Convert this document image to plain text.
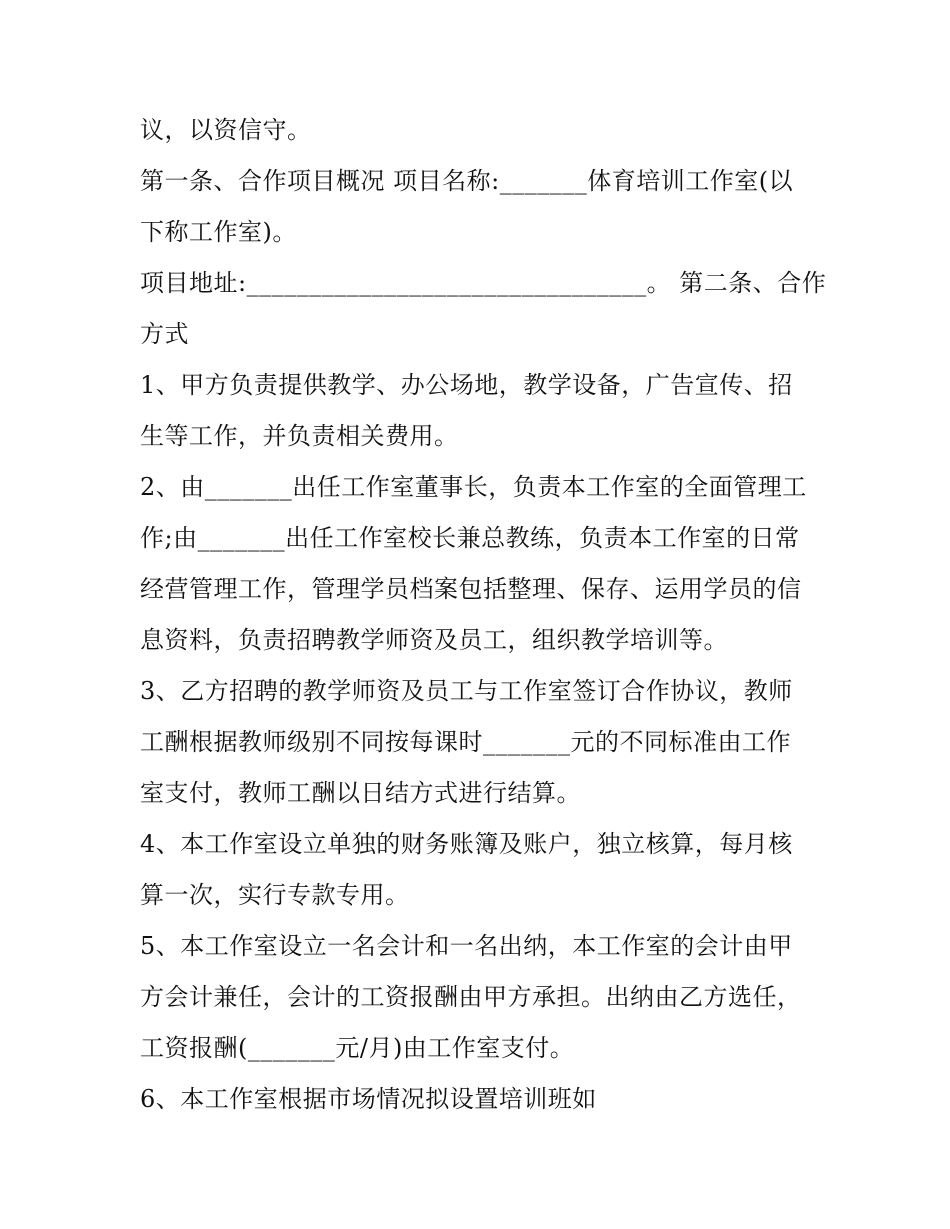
议，以资信守。
第一条、合作项目概况 项目名称:_______体育培训工作室(以
下称工作室)。
项目地址:________________________________。 第二条、合作
方式
1、甲方负责提供教学、办公场地，教学设备，广告宣传、招
生等工作，并负责相关费用。
2、由_______出任工作室董事长，负责本工作室的全面管理工
作;由_______出任工作室校长兼总教练，负责本工作室的日常
经营管理工作，管理学员档案包括整理、保存、运用学员的信
息资料，负责招聘教学师资及员工，组织教学培训等。
3、乙方招聘的教学师资及员工与工作室签订合作协议，教师
工酬根据教师级别不同按每课时_______元的不同标准由工作
室支付，教师工酬以日结方式进行结算。
4、本工作室设立单独的财务账簿及账户，独立核算，每月核
算一次，实行专款专用。
5、本工作室设立一名会计和一名出纳，本工作室的会计由甲
方会计兼任，会计的工资报酬由甲方承担。出纳由乙方选任，
工资报酬(_______元/月)由工作室支付。
6、本工作室根据市场情况拟设置培训班如
